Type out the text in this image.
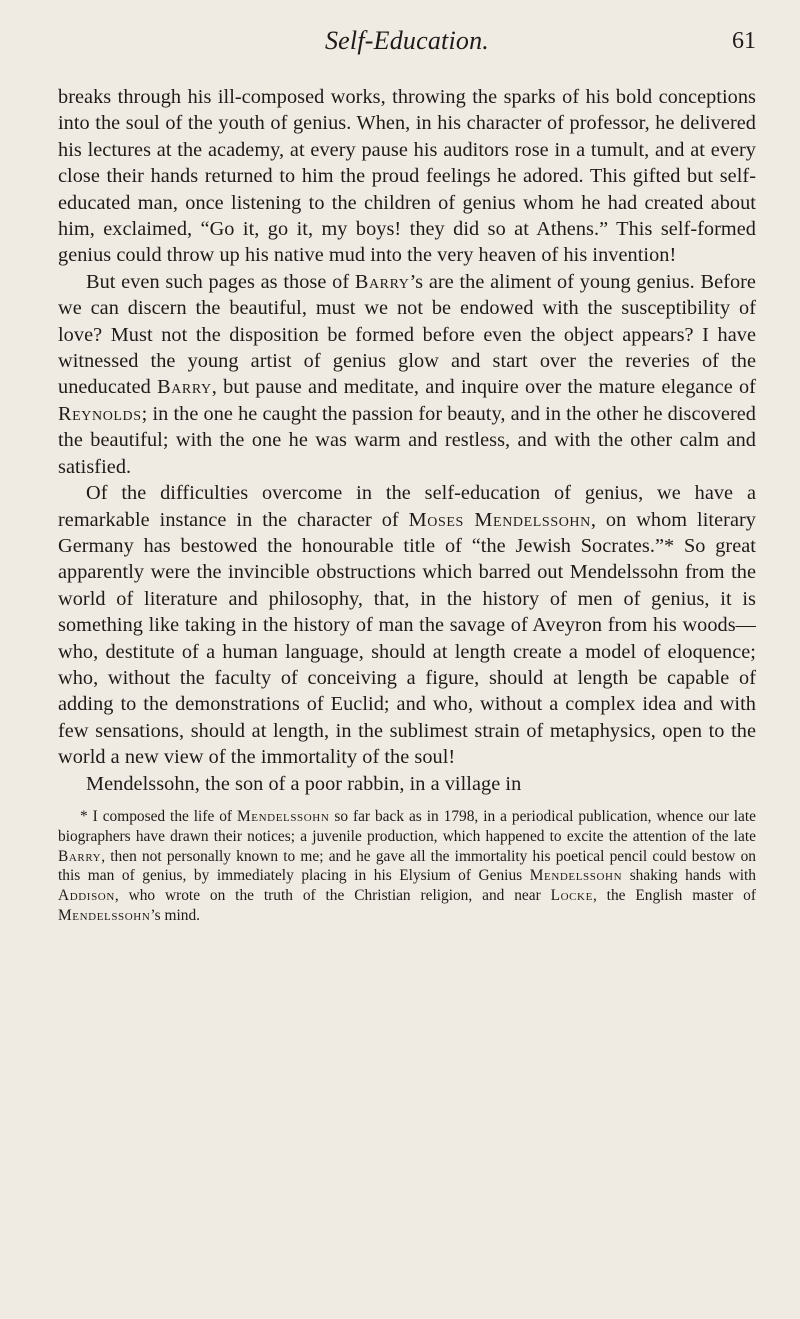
Self-Education.	61

breaks through his ill-composed works, throwing the sparks of his bold conceptions into the soul of the youth of genius. When, in his character of professor, he delivered his lectures at the academy, at every pause his auditors rose in a tumult, and at every close their hands returned to him the proud feelings he adored. This gifted but self-educated man, once listening to the children of genius whom he had created about him, exclaimed, “Go it, go it, my boys! they did so at Athens.” This self-formed genius could throw up his native mud into the very heaven of his invention!

But even such pages as those of Barry’s are the aliment of young genius. Before we can discern the beautiful, must we not be endowed with the susceptibility of love? Must not the disposition be formed before even the object appears? I have witnessed the young artist of genius glow and start over the reveries of the uneducated Barry, but pause and meditate, and inquire over the mature elegance of Reynolds; in the one he caught the passion for beauty, and in the other he discovered the beautiful; with the one he was warm and restless, and with the other calm and satisfied.

Of the difficulties overcome in the self-education of genius, we have a remarkable instance in the character of Moses Mendelssohn, on whom literary Germany has bestowed the honourable title of “the Jewish Socrates.”* So great apparently were the invincible obstructions which barred out Mendelssohn from the world of literature and philosophy, that, in the history of men of genius, it is something like taking in the history of man the savage of Aveyron from his woods—who, destitute of a human language, should at length create a model of eloquence; who, without the faculty of conceiving a figure, should at length be capable of adding to the demonstrations of Euclid; and who, without a complex idea and with few sensations, should at length, in the sublimest strain of metaphysics, open to the world a new view of the immortality of the soul!

Mendelssohn, the son of a poor rabbin, in a village in

* I composed the life of Mendelssohn so far back as in 1798, in a periodical publication, whence our late biographers have drawn their notices; a juvenile production, which happened to excite the attention of the late Barry, then not personally known to me; and he gave all the immortality his poetical pencil could bestow on this man of genius, by immediately placing in his Elysium of Genius Mendelssohn shaking hands with Addison, who wrote on the truth of the Christian religion, and near Locke, the English master of Mendelssohn’s mind.
